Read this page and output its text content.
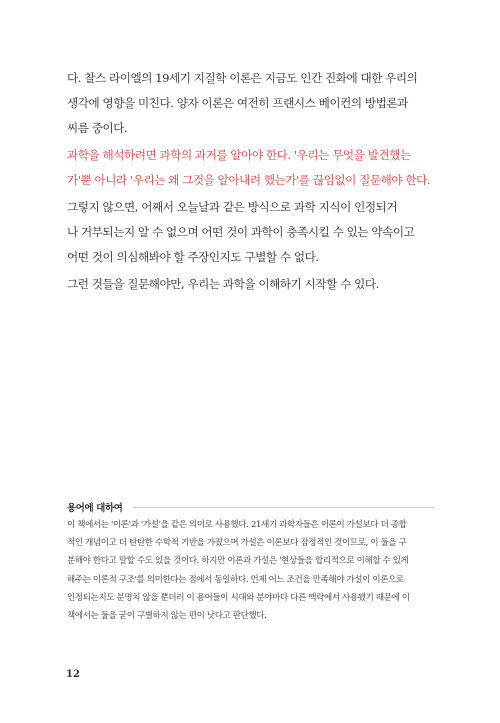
다. 찰스 라이엘의 19세기 지질학 이론은 지금도 인간 진화에 대한 우리의
생각에 영향을 미친다. 양자 이론은 여전히 프랜시스 베이컨의 방법론과
씨름 중이다.

과학을 해석하려면 과학의 과거를 알아야 한다. '우리는 무엇을 발견했는
가'뿐 아니라 '우리는 왜 그것을 알아내려 했는가'를 끊임없이 질문해야 한다.

그렇지 않으면, 어째서 오늘날과 같은 방식으로 과학 지식이 인정되거
나 거부되는지 알 수 없으며 어떤 것이 과학이 충족시킬 수 있는 약속이고
어떤 것이 의심해봐야 할 주장인지도 구별할 수 없다.

그런 것들을 질문해야만, 우리는 과학을 이해하기 시작할 수 있다.

용어에 대하여
이 책에서는 '이론'과 '가설'을 같은 의미로 사용했다. 21세기 과학자들은 이론이 가설보다 더 종합
적인 개념이고 더 탄탄한 수학적 기반을 가졌으며 가설은 이론보다 잠정적인 것이므로, 이 둘을 구
분해야 한다고 말할 수도 있을 것이다. 하지만 이론과 가설은 '현상들을 합리적으로 이해할 수 있게
해주는 이론적 구조'를 의미한다는 점에서 동일하다. 언제 어느 조건을 만족해야 가설이 이론으로
인정되는지도 분명치 않을 뿐더러 이 용어들이 시대와 분야마다 다른 맥락에서 사용됐기 때문에 이
책에서는 둘을 굳이 구별하지 않는 편이 낫다고 판단했다.
12
